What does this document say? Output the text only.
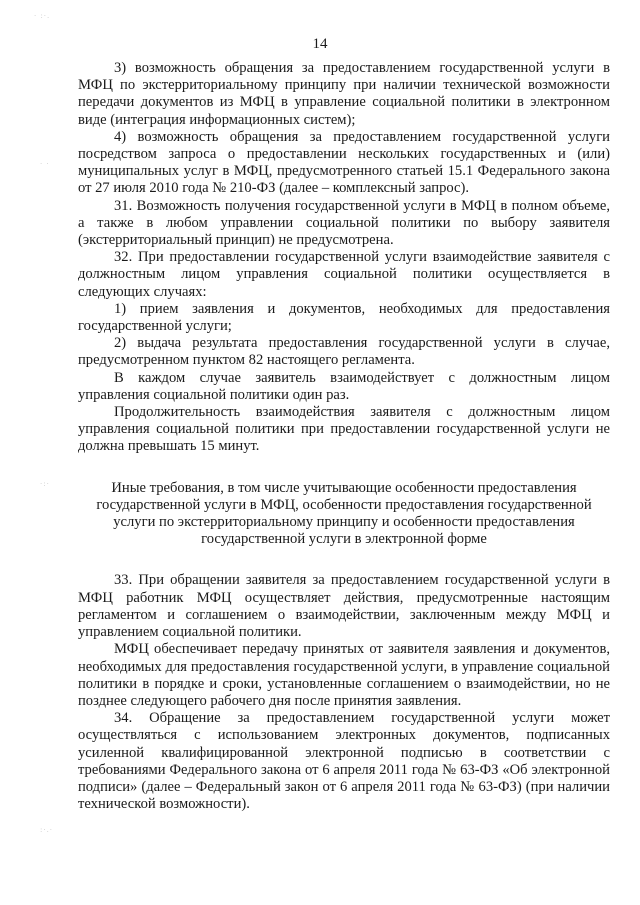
· :·.
· ·
·:·
:·.·
14

3) возможность обращения за предоставлением государственной услуги в МФЦ по экстерриториальному принципу при наличии технической возможности передачи документов из МФЦ в управление социальной политики в электронном виде (интеграция информационных систем);

4) возможность обращения за предоставлением государственной услуги посредством запроса о предоставлении нескольких государственных и (или) муниципальных услуг в МФЦ, предусмотренного статьей 15.1 Федерального закона от 27 июля 2010 года № 210-ФЗ (далее – комплексный запрос).

31. Возможность получения государственной услуги в МФЦ в полном объеме, а также в любом управлении социальной политики по выбору заявителя (экстерриториальный принцип) не предусмотрена.

32. При предоставлении государственной услуги взаимодействие заявителя с должностным лицом управления социальной политики осуществляется в следующих случаях:

1) прием заявления и документов, необходимых для предоставления государственной услуги;

2) выдача результата предоставления государственной услуги в случае, предусмотренном пунктом 82 настоящего регламента.

В каждом случае заявитель взаимодействует с должностным лицом управления социальной политики один раз.

Продолжительность взаимодействия заявителя с должностным лицом управления социальной политики при предоставлении государственной услуги не должна превышать 15 минут.

Иные требования, в том числе учитывающие особенности предоставления государственной услуги в МФЦ, особенности предоставления государственной услуги по экстерриториальному принципу и особенности предоставления государственной услуги в электронной форме

33. При обращении заявителя за предоставлением государственной услуги в МФЦ работник МФЦ осуществляет действия, предусмотренные настоящим регламентом и соглашением о взаимодействии, заключенным между МФЦ и управлением социальной политики.

МФЦ обеспечивает передачу принятых от заявителя заявления и документов, необходимых для предоставления государственной услуги, в управление социальной политики в порядке и сроки, установленные соглашением о взаимодействии, но не позднее следующего рабочего дня после принятия заявления.

34. Обращение за предоставлением государственной услуги может осуществляться с использованием электронных документов, подписанных усиленной квалифицированной электронной подписью в соответствии с требованиями Федерального закона от 6 апреля 2011 года № 63-ФЗ «Об электронной подписи» (далее – Федеральный закон от 6 апреля 2011 года № 63-ФЗ) (при наличии технической возможности).
